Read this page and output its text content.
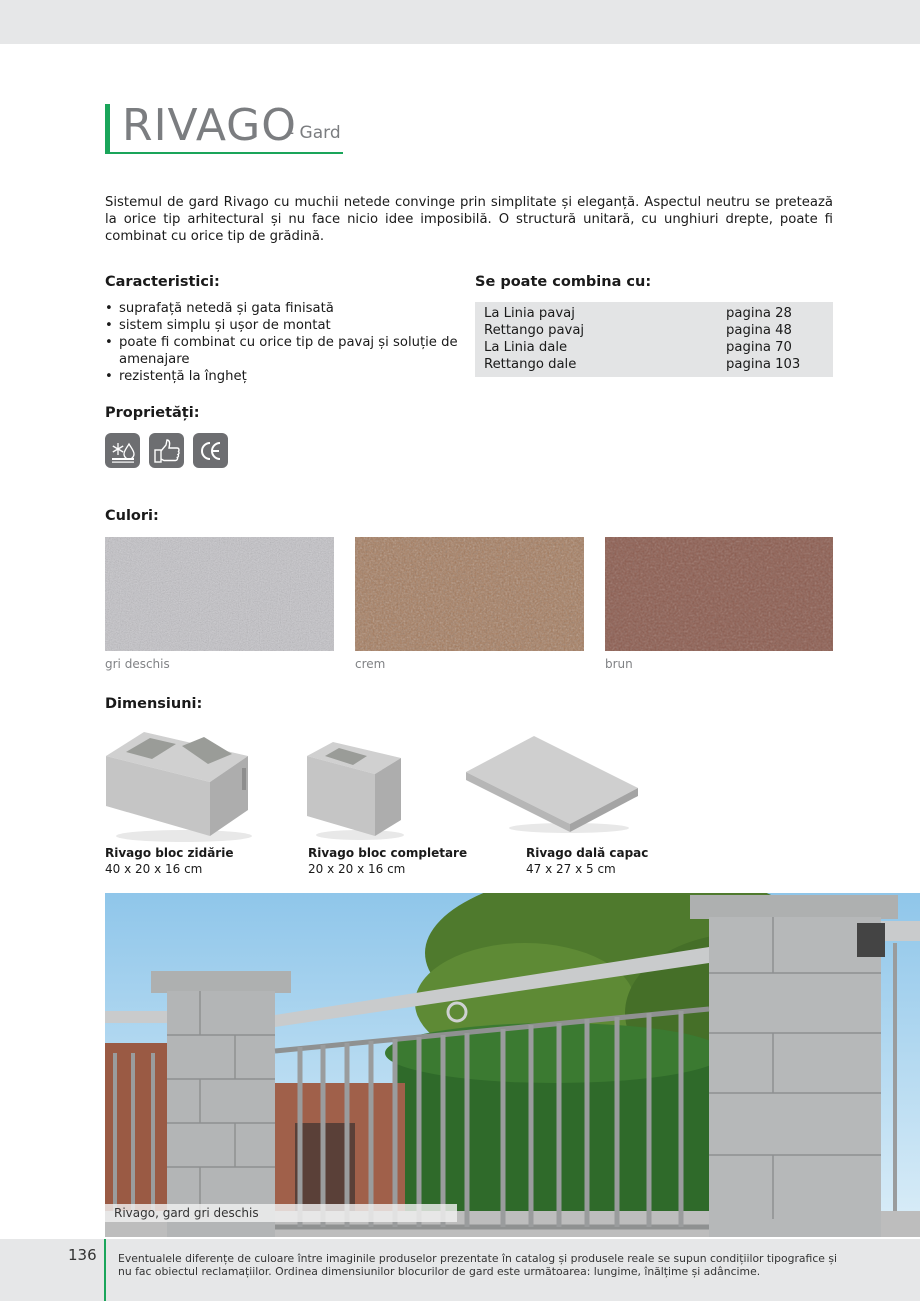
RIVAGO
- Gard

Sistemul de gard Rivago cu muchii netede convinge prin simplitate și eleganță. Aspectul neutru se pretează la orice tip arhitectural și nu face nicio idee imposibilă. O structură unitară, cu unghiuri drepte, poate fi combinat cu orice tip de grădină.

Caracteristici:
• suprafață netedă și gata finisată
• sistem simplu și ușor de montat
• poate fi combinat cu orice tip de pavaj și soluție de amenajare
• rezistență la îngheț
Se poate combina cu:
La Linia pavaj	pagina 28
Rettango pavaj	pagina 48
La Linia dale	pagina 70
Rettango dale	pagina 103
Proprietăți:
Culori:
gri deschis	crem	brun
Dimensiuni:
Rivago bloc zidărie
40 x 20 x 16 cm
Rivago bloc completare
20 x 20 x 16 cm
Rivago dală capac
47 x 27 x 5 cm
Rivago, gard gri deschis
136 Eventualele diferențe de culoare între imaginile produselor prezentate în catalog și produsele reale se supun condițiilor tipografice și nu fac obiectul reclamațiilor. Ordinea dimensiunilor blocurilor de gard este următoarea: lungime, înălțime și adâncime.
